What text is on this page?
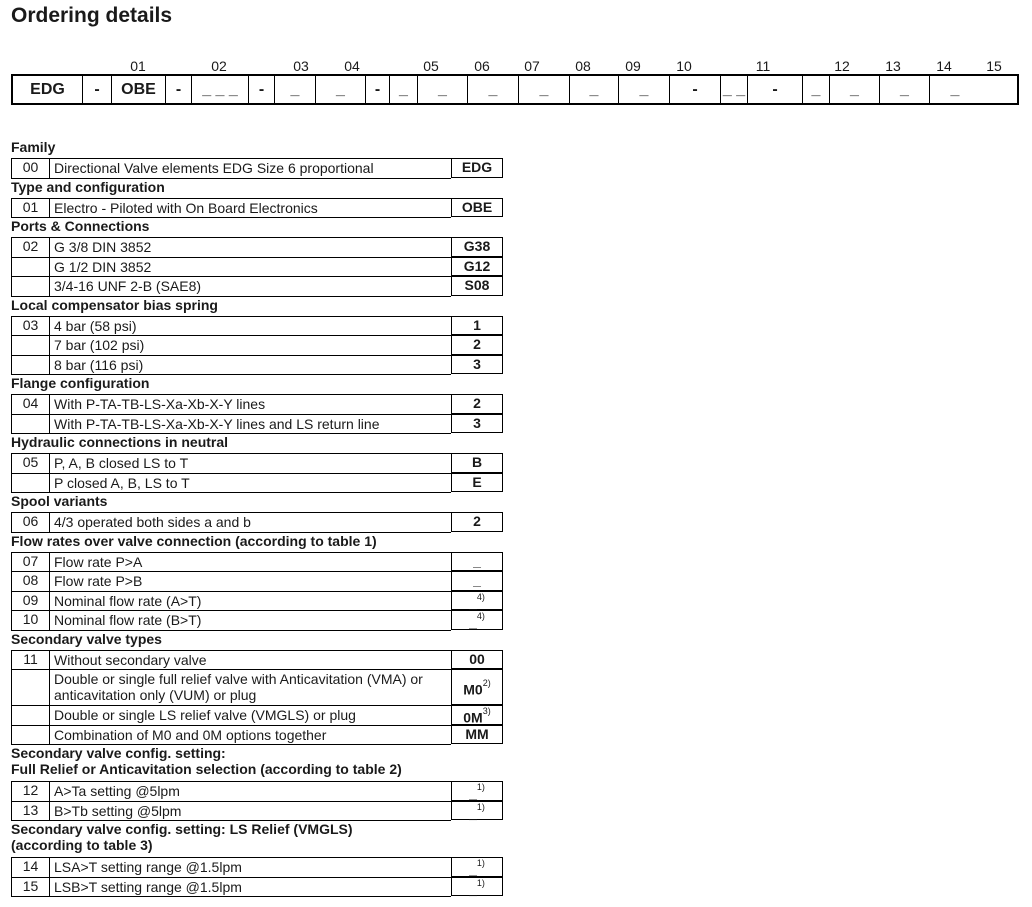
Ordering details
01	02	03	04	05	06	07	08	09	10	11	12	13	14	15
EDG	-	OBE	-	_ _ _	-	_	_	-	_	_	_	_	_	_	-	_ _	-	_	_	_	_
Family
00	Directional Valve elements EDG Size 6 proportional	EDG
Type and configuration
01	Electro - Piloted with On Board Electronics	OBE
Ports & Connections
02	G 3/8 DIN 3852	G38
G 1/2 DIN 3852	G12
3/4-16 UNF 2-B (SAE8)	S08
Local compensator bias spring
03	4 bar (58 psi)	1
7 bar (102 psi)	2
8 bar (116 psi)	3
Flange configuration
04	With P-TA-TB-LS-Xa-Xb-X-Y lines	2
With P-TA-TB-LS-Xa-Xb-X-Y lines and LS return line	3
Hydraulic connections in neutral
05	P, A, B closed LS to T	B
P closed A, B, LS to T	E
Spool variants
06	4/3 operated both sides a and b	2
Flow rates over valve connection (according to table 1)
07	Flow rate P>A	_
08	Flow rate P>B	_
09	Nominal flow rate (A>T)	_$^{4)}$
10	Nominal flow rate (B>T)	_$^{4)}$
Secondary valve types
11	Without secondary valve	00
Double or single full relief valve with Anticavitation (VMA) or anticavitation only (VUM) or plug	M0$^{2)}$
Double or single LS relief valve (VMGLS) or plug	$0M^{3)}$
Combination of M0 and 0M options together	MM
Secondary valve config. setting:
Full Relief or Anticavitation selection (according to table 2)
12	A>Ta setting @5lpm	_$^{1)}$
13	B>Tb setting @5lpm	_$^{1)}$
Secondary valve config. setting: LS Relief (VMGLS)
(according to table 3)
14	LSA>T setting range @1.5lpm	_$^{1)}$
15	LSB>T setting range @1.5lpm	_$^{1)}$
